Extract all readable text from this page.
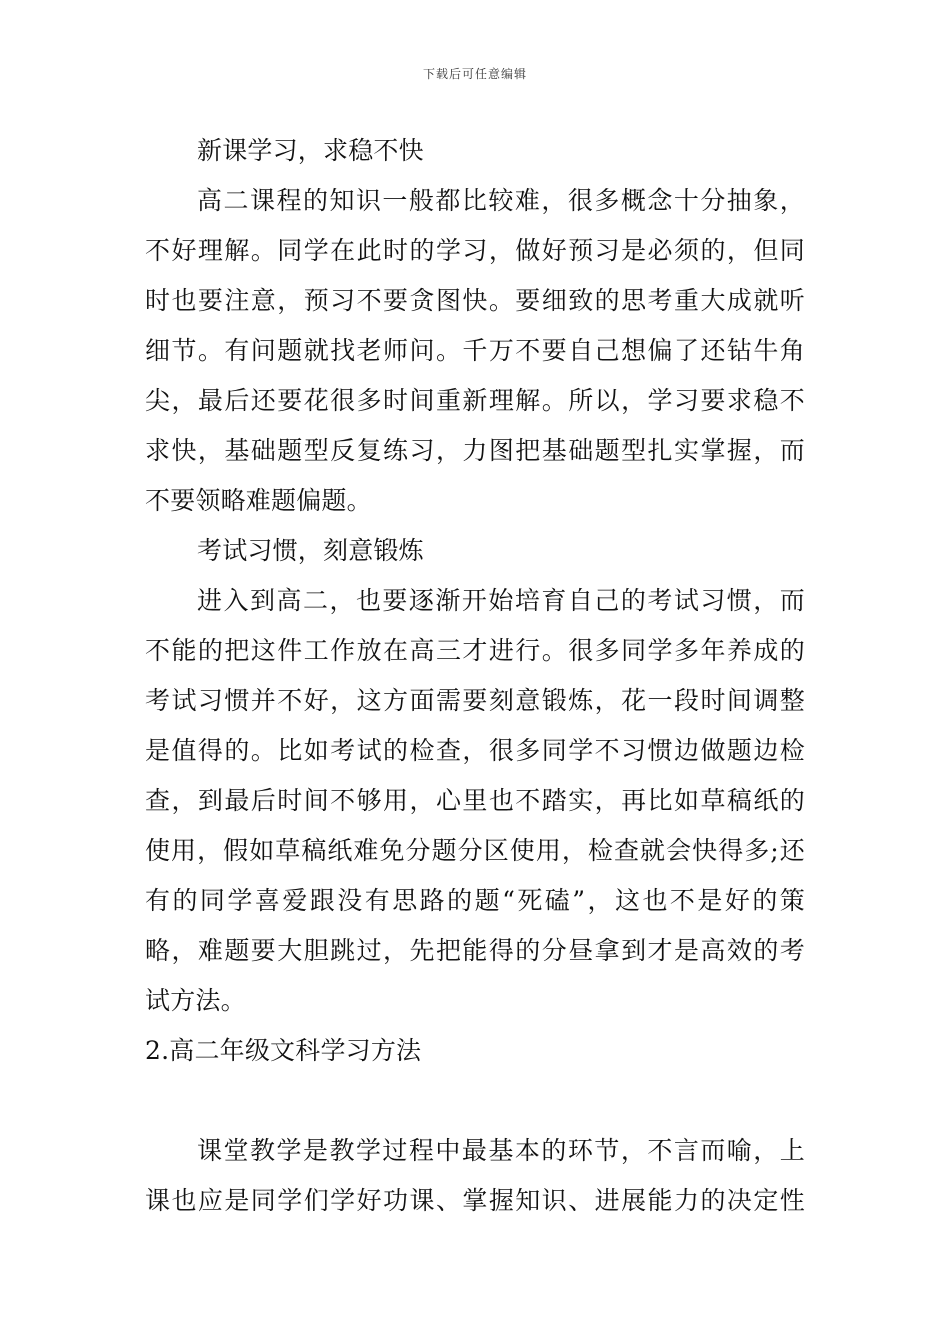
下载后可任意编辑
新课学习，求稳不快
高二课程的知识一般都比较难，很多概念十分抽象，
不好理解。同学在此时的学习，做好预习是必须的，但同
时也要注意，预习不要贪图快。要细致的思考重大成就听
细节。有问题就找老师问。千万不要自己想偏了还钻牛角
尖，最后还要花很多时间重新理解。所以，学习要求稳不
求快，基础题型反复练习，力图把基础题型扎实掌握，而
不要领略难题偏题。
考试习惯，刻意锻炼
进入到高二，也要逐渐开始培育自己的考试习惯，而
不能的把这件工作放在高三才进行。很多同学多年养成的
考试习惯并不好，这方面需要刻意锻炼，花一段时间调整
是值得的。比如考试的检查，很多同学不习惯边做题边检
查，到最后时间不够用，心里也不踏实，再比如草稿纸的
使用，假如草稿纸难免分题分区使用，检查就会快得多;还
有的同学喜爱跟没有思路的题“死磕”，这也不是好的策
略，难题要大胆跳过，先把能得的分昼拿到才是高效的考
试方法。
2.高二年级文科学习方法
课堂教学是教学过程中最基本的环节，不言而喻，上
课也应是同学们学好功课、掌握知识、进展能力的决定性
